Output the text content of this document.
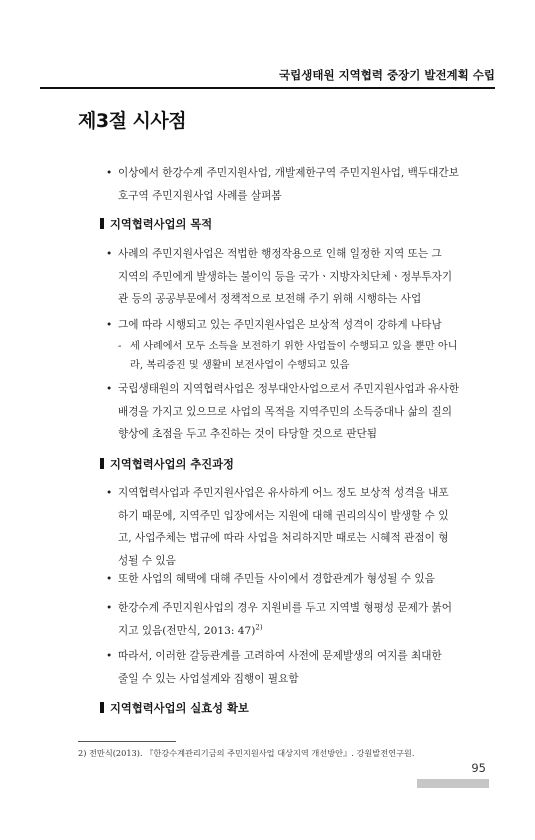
국립생태원 지역협력 중장기 발전계획 수립
제3절 시사점
• 이상에서 한강수계 주민지원사업, 개발제한구역 주민지원사업, 백두대간보
호구역 주민지원사업 사례를 살펴봄
지역협력사업의 목적
• 사례의 주민지원사업은 적법한 행정작용으로 인해 일정한 지역 또는 그
지역의 주민에게 발생하는 불이익 등을 국가ㆍ지방자치단체ㆍ정부투자기
관 등의 공공부문에서 정책적으로 보전해 주기 위해 시행하는 사업
• 그에 따라 시행되고 있는 주민지원사업은 보상적 성격이 강하게 나타남
- 세 사례에서 모두 소득을 보전하기 위한 사업들이 수행되고 있을 뿐만 아니
라, 복리증진 및 생활비 보전사업이 수행되고 있음
• 국립생태원의 지역협력사업은 정부대안사업으로서 주민지원사업과 유사한
배경을 가지고 있으므로 사업의 목적을 지역주민의 소득증대나 삶의 질의
향상에 초점을 두고 추진하는 것이 타당할 것으로 판단됨
지역협력사업의 추진과정
• 지역협력사업과 주민지원사업은 유사하게 어느 정도 보상적 성격을 내포
하기 때문에, 지역주민 입장에서는 지원에 대해 권리의식이 발생할 수 있
고, 사업주체는 법규에 따라 사업을 처리하지만 때로는 시혜적 관점이 형
성될 수 있음
• 또한 사업의 혜택에 대해 주민들 사이에서 경합관계가 형성될 수 있음
• 한강수계 주민지원사업의 경우 지원비를 두고 지역별 형평성 문제가 붉어
지고 있음(전만식, 2013: 47)$^{2)}$
• 따라서, 이러한 갈등관계를 고려하여 사전에 문제발생의 여지를 최대한
줄일 수 있는 사업설계와 집행이 필요함
지역협력사업의 실효성 확보
2) 전만식(2013). 『한강수계관리기금의 주민지원사업 대상지역 개선방안』. 강원발전연구원.
95
